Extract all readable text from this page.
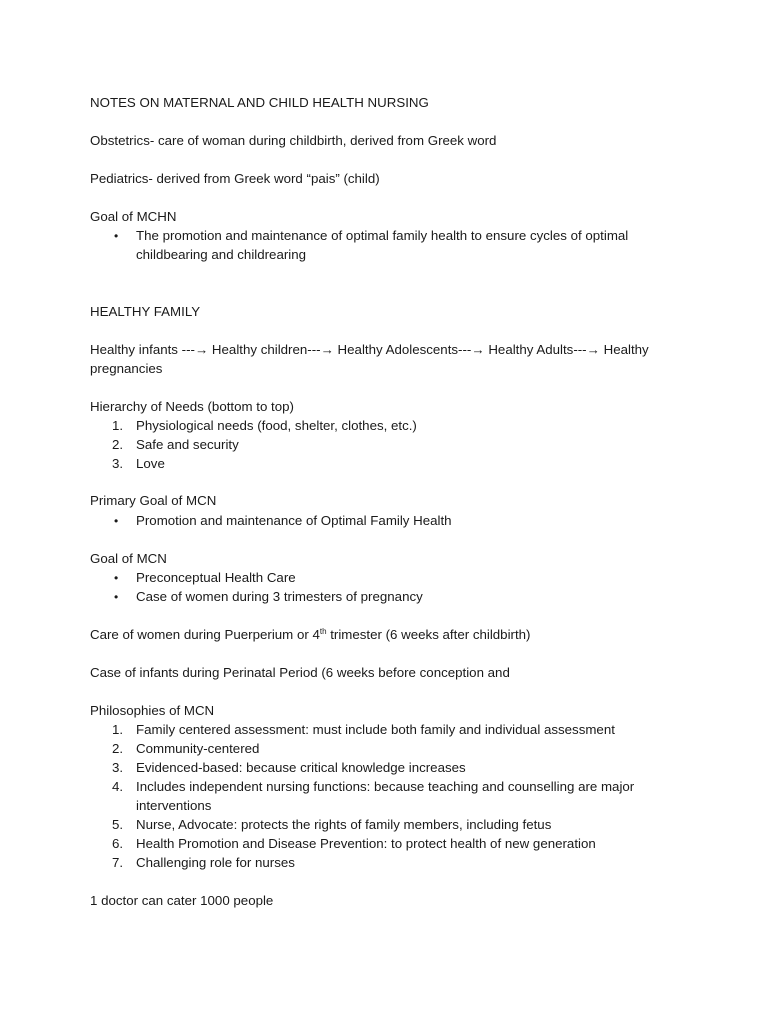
NOTES ON MATERNAL AND CHILD HEALTH NURSING
Obstetrics- care of woman during childbirth, derived from Greek word
Pediatrics- derived from Greek word “pais” (child)
Goal of MCHN
• The promotion and maintenance of optimal family health to ensure cycles of optimal
childbearing and childrearing
HEALTHY FAMILY
Healthy infants ---→ Healthy children---→ Healthy Adolescents---→ Healthy Adults---→ Healthy
pregnancies
Hierarchy of Needs (bottom to top)
1. Physiological needs (food, shelter, clothes, etc.)
2. Safe and security
3. Love
Primary Goal of MCN
• Promotion and maintenance of Optimal Family Health
Goal of MCN
• Preconceptual Health Care
• Case of women during 3 trimesters of pregnancy
Care of women during Puerperium or 4th trimester (6 weeks after childbirth)
Case of infants during Perinatal Period (6 weeks before conception and
Philosophies of MCN
1. Family centered assessment: must include both family and individual assessment
2. Community-centered
3. Evidenced-based: because critical knowledge increases
4. Includes independent nursing functions: because teaching and counselling are major
interventions
5. Nurse, Advocate: protects the rights of family members, including fetus
6. Health Promotion and Disease Prevention: to protect health of new generation
7. Challenging role for nurses
1 doctor can cater 1000 people
